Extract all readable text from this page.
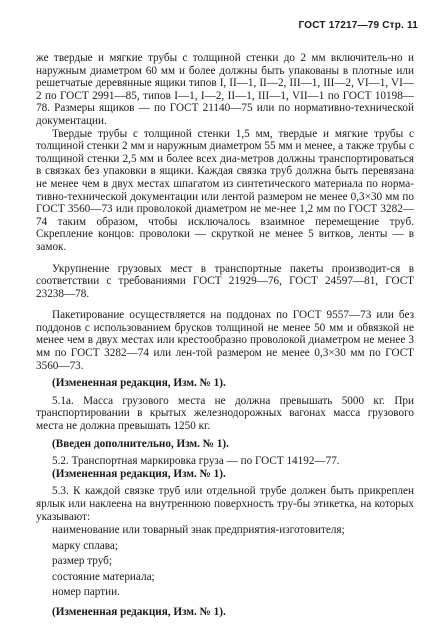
ГОСТ 17217—79 Стр. 11

же твердые и мягкие трубы с толщиной стенки до 2 мм включитель-но и наружным диаметром 60 мм и более должны быть упакованы в плотные или решетчатые деревянные ящики типов I, II—1, II—2, III—1, III—2, VI—1, VI—2 по ГОСТ 2991—85, типов I—1, I—2, II—1, III—1, VII—1 по ГОСТ 10198—78. Размеры ящиков — по ГОСТ 21140—75 или по нормативно-технической документации.

Твердые трубы с толщиной стенки 1,5 мм, твердые и мягкие трубы с толщиной стенки 2 мм и наружным диаметром 55 мм и менее, а также трубы с толщиной стенки 2,5 мм и более всех диа-метров должны транспортироваться в связках без упаковки в ящики. Каждая связка труб должна быть перевязана не менее чем в двух местах шпагатом из синтетического материала по норма-тивно-технической документации или лентой размером не менее 0,3×30 мм по ГОСТ 3560—73 или проволокой диаметром не ме-нее 1,2 мм по ГОСТ 3282—74 таким образом, чтобы исключалось взаимное перемещение труб. Скрепление концов: проволоки — скруткой не менее 5 витков, ленты — в замок.

Укрупнение грузовых мест в транспортные пакеты производит-ся в соответствии с требованиями ГОСТ 21929—76, ГОСТ 24597—81, ГОСТ 23238—78.

Пакетирование осуществляется на поддонах по ГОСТ 9557—73 или без поддонов с использованием брусков толщиной не менее 50 мм и обвязкой не менее чем в двух местах или крестообразно проволокой диаметром не менее 3 мм по ГОСТ 3282—74 или лен-той размером не менее 0,3×30 мм по ГОСТ 3560—73.

(Измененная редакция, Изм. № 1).

5.1а. Масса грузового места не должна превышать 5000 кг. При транспортировании в крытых железнодорожных вагонах масса грузового места не должна превышать 1250 кг.

(Введен дополнительно, Изм. № 1).

5.2. Транспортная маркировка груза — по ГОСТ 14192—77.

(Измененная редакция, Изм. № 1).

5.3. К каждой связке труб или отдельной трубе должен быть прикреплен ярлык или наклеена на внутреннюю поверхность тру-бы этикетка, на которых указывают:

наименование или товарный знак предприятия-изготовителя;

марку сплава;

размер труб;

состояние материала;

номер партии.

(Измененная редакция, Изм. № 1).
